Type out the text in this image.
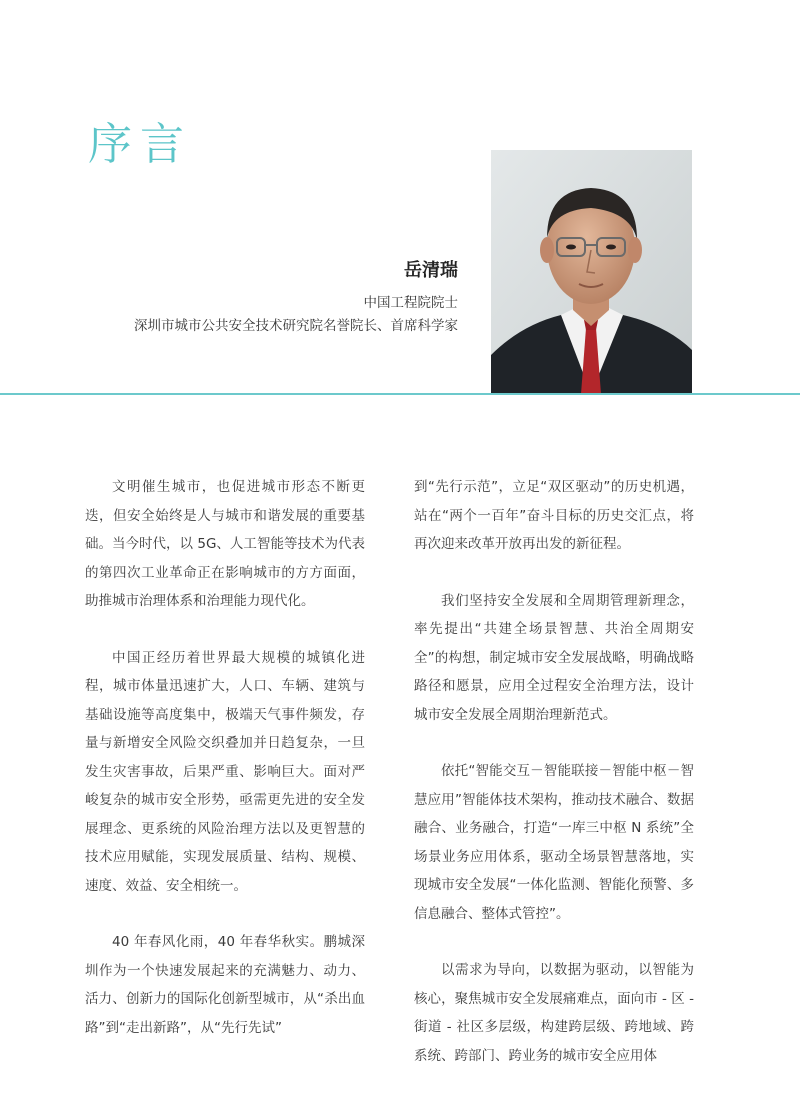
序言
岳清瑞
中国工程院院士
深圳市城市公共安全技术研究院名誉院长、首席科学家

文明催生城市，也促进城市形态不断更迭，但安全始终是人与城市和谐发展的重要基础。当今时代，以 5G、人工智能等技术为代表的第四次工业革命正在影响城市的方方面面，助推城市治理体系和治理能力现代化。

中国正经历着世界最大规模的城镇化进程，城市体量迅速扩大，人口、车辆、建筑与基础设施等高度集中，极端天气事件频发，存量与新增安全风险交织叠加并日趋复杂，一旦发生灾害事故，后果严重、影响巨大。面对严峻复杂的城市安全形势，亟需更先进的安全发展理念、更系统的风险治理方法以及更智慧的技术应用赋能，实现发展质量、结构、规模、速度、效益、安全相统一。

40 年春风化雨，40 年春华秋实。鹏城深圳作为一个快速发展起来的充满魅力、动力、活力、创新力的国际化创新型城市，从“杀出血路”到“走出新路”，从“先行先试”

到“先行示范”，立足“双区驱动”的历史机遇，站在“两个一百年”奋斗目标的历史交汇点，将再次迎来改革开放再出发的新征程。

我们坚持安全发展和全周期管理新理念，率先提出“共建全场景智慧、共治全周期安全”的构想，制定城市安全发展战略，明确战略路径和愿景，应用全过程安全治理方法，设计城市安全发展全周期治理新范式。

依托“智能交互－智能联接－智能中枢－智慧应用”智能体技术架构，推动技术融合、数据融合、业务融合，打造“一库三中枢 N 系统”全场景业务应用体系，驱动全场景智慧落地，实现城市安全发展“一体化监测、智能化预警、多信息融合、整体式管控”。

以需求为导向，以数据为驱动，以智能为核心，聚焦城市安全发展痛难点，面向市 - 区 - 街道 - 社区多层级，构建跨层级、跨地域、跨系统、跨部门、跨业务的城市安全应用体
